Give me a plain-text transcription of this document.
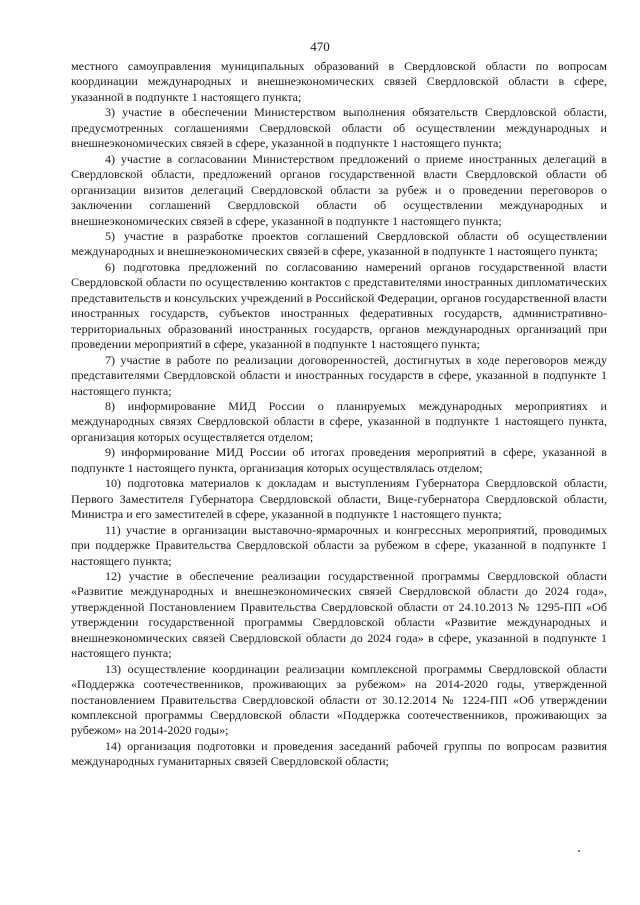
470

местного самоуправления муниципальных образований в Свердловской области по вопросам координации международных и внешнеэкономических связей Свердловской области в сфере, указанной в подпункте 1 настоящего пункта;

3) участие в обеспечении Министерством выполнения обязательств Свердловской области, предусмотренных соглашениями Свердловской области об осуществлении международных и внешнеэкономических связей в сфере, указанной в подпункте 1 настоящего пункта;

4) участие в согласовании Министерством предложений о приеме иностранных делегаций в Свердловской области, предложений органов государственной власти Свердловской области об организации визитов делегаций Свердловской области за рубеж и о проведении переговоров о заключении соглашений Свердловской области об осуществлении международных и внешнеэкономических связей в сфере, указанной в подпункте 1 настоящего пункта;

5) участие в разработке проектов соглашений Свердловской области об осуществлении международных и внешнеэкономических связей в сфере, указанной в подпункте 1 настоящего пункта;

6) подготовка предложений по согласованию намерений органов государственной власти Свердловской области по осуществлению контактов с представителями иностранных дипломатических представительств и консульских учреждений в Российской Федерации, органов государственной власти иностранных государств, субъектов иностранных федеративных государств, административно-территориальных образований иностранных государств, органов международных организаций при проведении мероприятий в сфере, указанной в подпункте 1 настоящего пункта;

7) участие в работе по реализации договоренностей, достигнутых в ходе переговоров между представителями Свердловской области и иностранных государств в сфере, указанной в подпункте 1 настоящего пункта;

8) информирование МИД России о планируемых международных мероприятиях и международных связях Свердловской области в сфере, указанной в подпункте 1 настоящего пункта, организация которых осуществляется отделом;

9) информирование МИД России об итогах проведения мероприятий в сфере, указанной в подпункте 1 настоящего пункта, организация которых осуществлялась отделом;

10) подготовка материалов к докладам и выступлениям Губернатора Свердловской области, Первого Заместителя Губернатора Свердловской области, Вице-губернатора Свердловской области, Министра и его заместителей в сфере, указанной в подпункте 1 настоящего пункта;

11) участие в организации выставочно-ярмарочных и конгрессных мероприятий, проводимых при поддержке Правительства Свердловской области за рубежом в сфере, указанной в подпункте 1 настоящего пункта;

12) участие в обеспечение реализации государственной программы Свердловской области «Развитие международных и внешнеэкономических связей Свердловской области до 2024 года», утвержденной Постановлением Правительства Свердловской области от 24.10.2013 № 1295-ПП «Об утверждении государственной программы Свердловской области «Развитие международных и внешнеэкономических связей Свердловской области до 2024 года» в сфере, указанной в подпункте 1 настоящего пункта;

13) осуществление координации реализации комплексной программы Свердловской области «Поддержка соотечественников, проживающих за рубежом» на 2014-2020 годы, утвержденной постановлением Правительства Свердловской области от 30.12.2014 № 1224-ПП «Об утверждении комплексной программы Свердловской области «Поддержка соотечественников, проживающих за рубежом» на 2014-2020 годы»;

14) организация подготовки и проведения заседаний рабочей группы по вопросам развития международных гуманитарных связей Свердловской области;
